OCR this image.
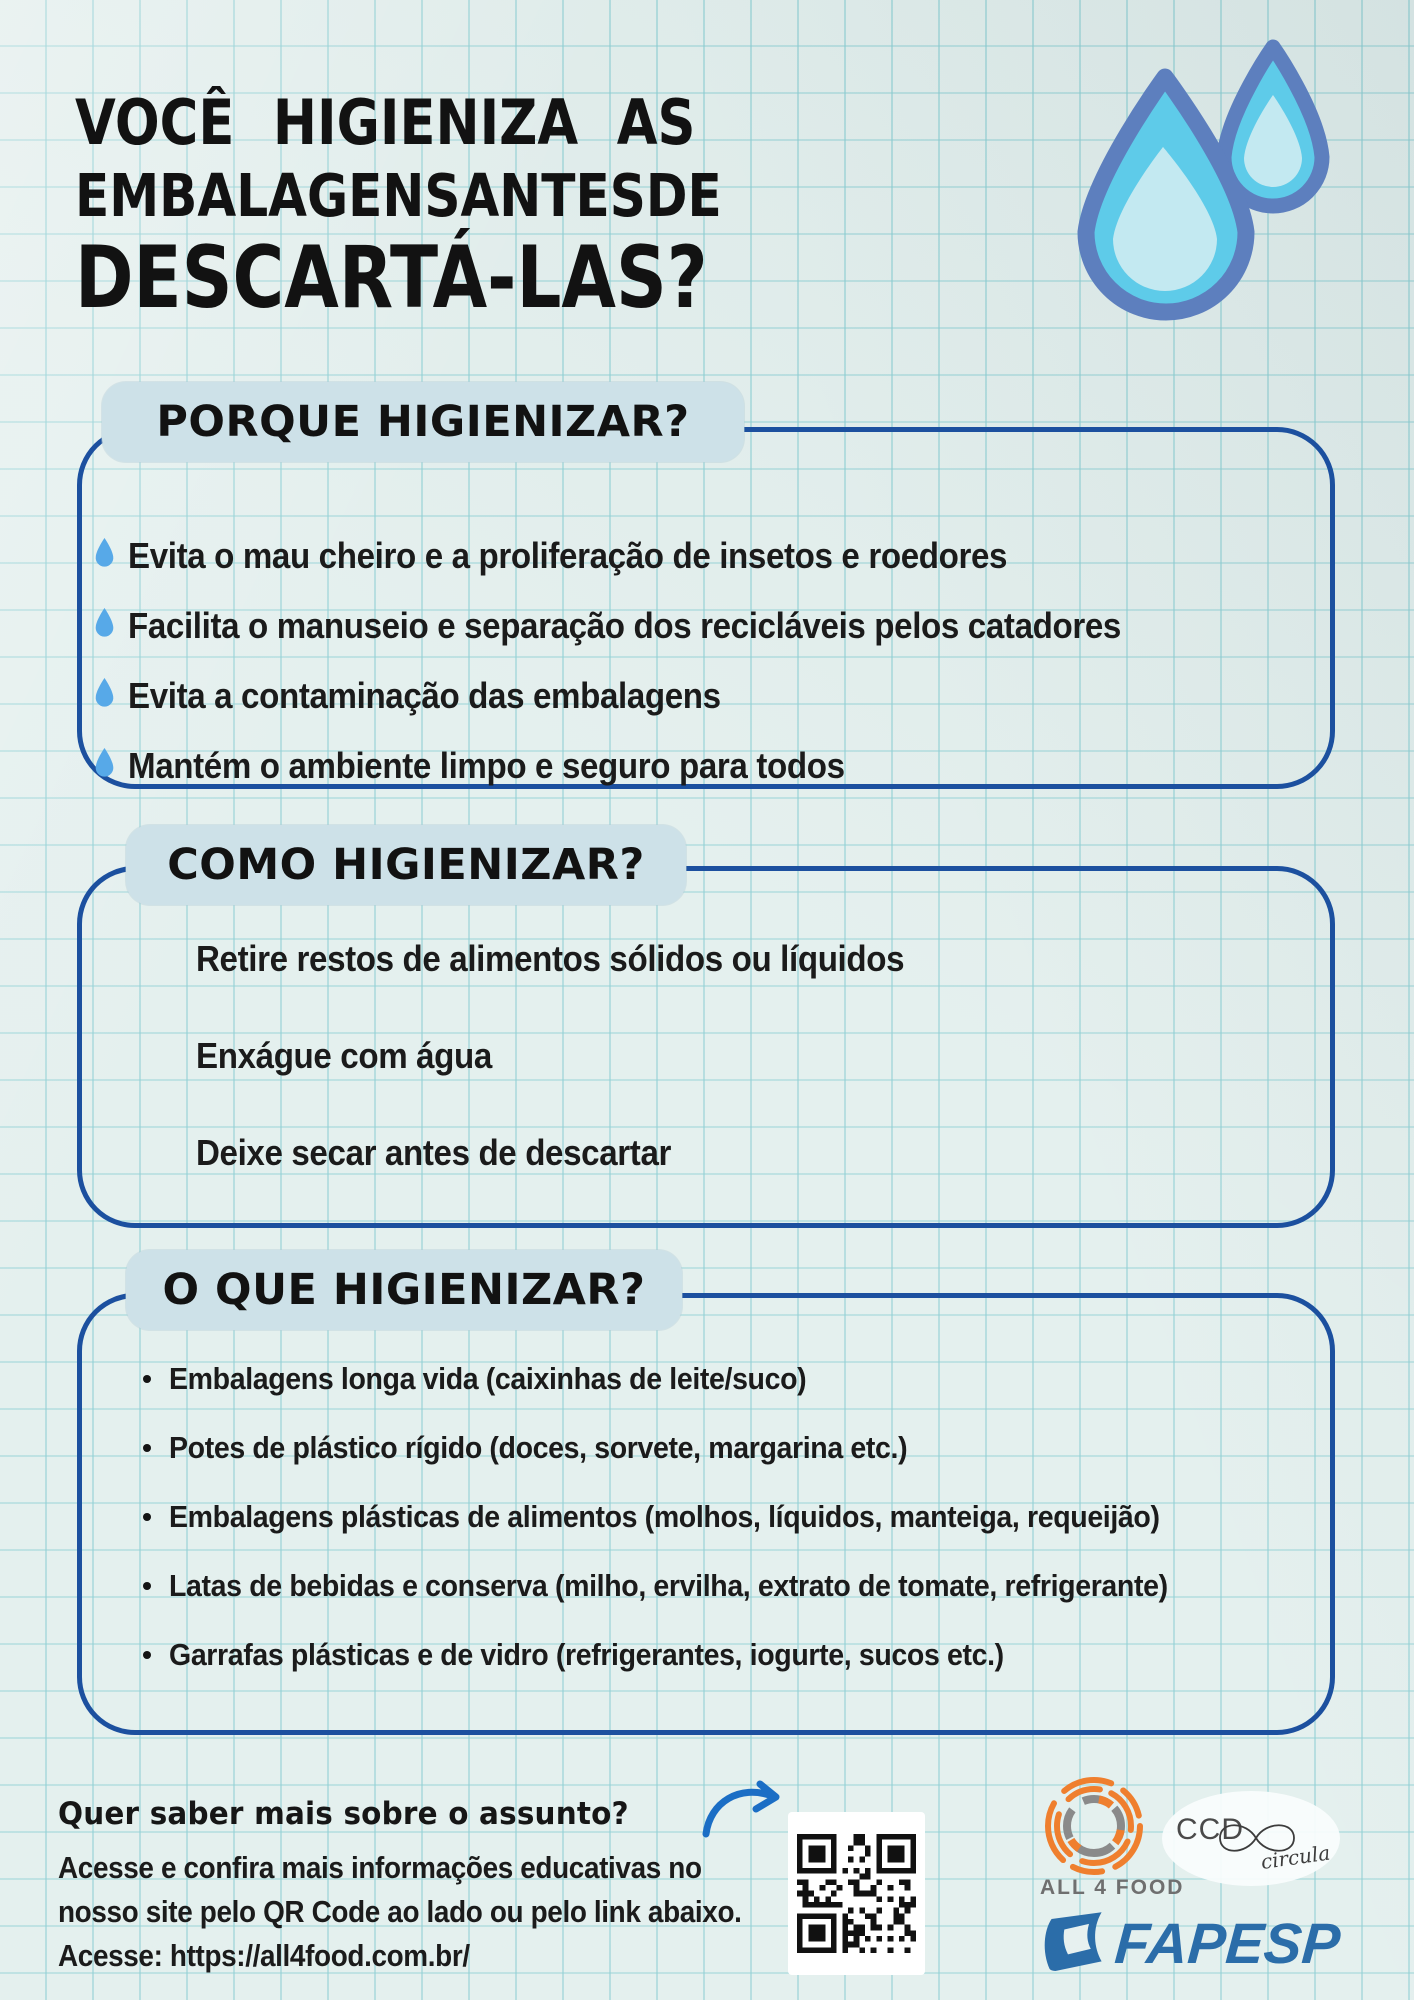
VOCÊ HIGIENIZA AS
EMBALAGENS ANTES DE
DESCARTÁ-LAS?
PORQUE HIGIENIZAR?
Evita o mau cheiro e a proliferação de insetos e roedores
Facilita o manuseio e separação dos recicláveis pelos catadores
Evita a contaminação das embalagens
Mantém o ambiente limpo e seguro para todos
COMO HIGIENIZAR?
Retire restos de alimentos sólidos ou líquidos
Enxágue com água
Deixe secar antes de descartar
O QUE HIGIENIZAR?
Embalagens longa vida (caixinhas de leite/suco)
Potes de plástico rígido (doces, sorvete, margarina etc.)
Embalagens plásticas de alimentos (molhos, líquidos, manteiga, requeijão)
Latas de bebidas e conserva (milho, ervilha, extrato de tomate, refrigerante)
Garrafas plásticas e de vidro (refrigerantes, iogurte, sucos etc.)
Quer saber mais sobre o assunto?
Acesse e confira mais informações educativas no
nosso site pelo QR Code ao lado ou pelo link abaixo.
Acesse: https://all4food.com.br/
ALL 4 FOOD
CCD
circula
FAPESP
